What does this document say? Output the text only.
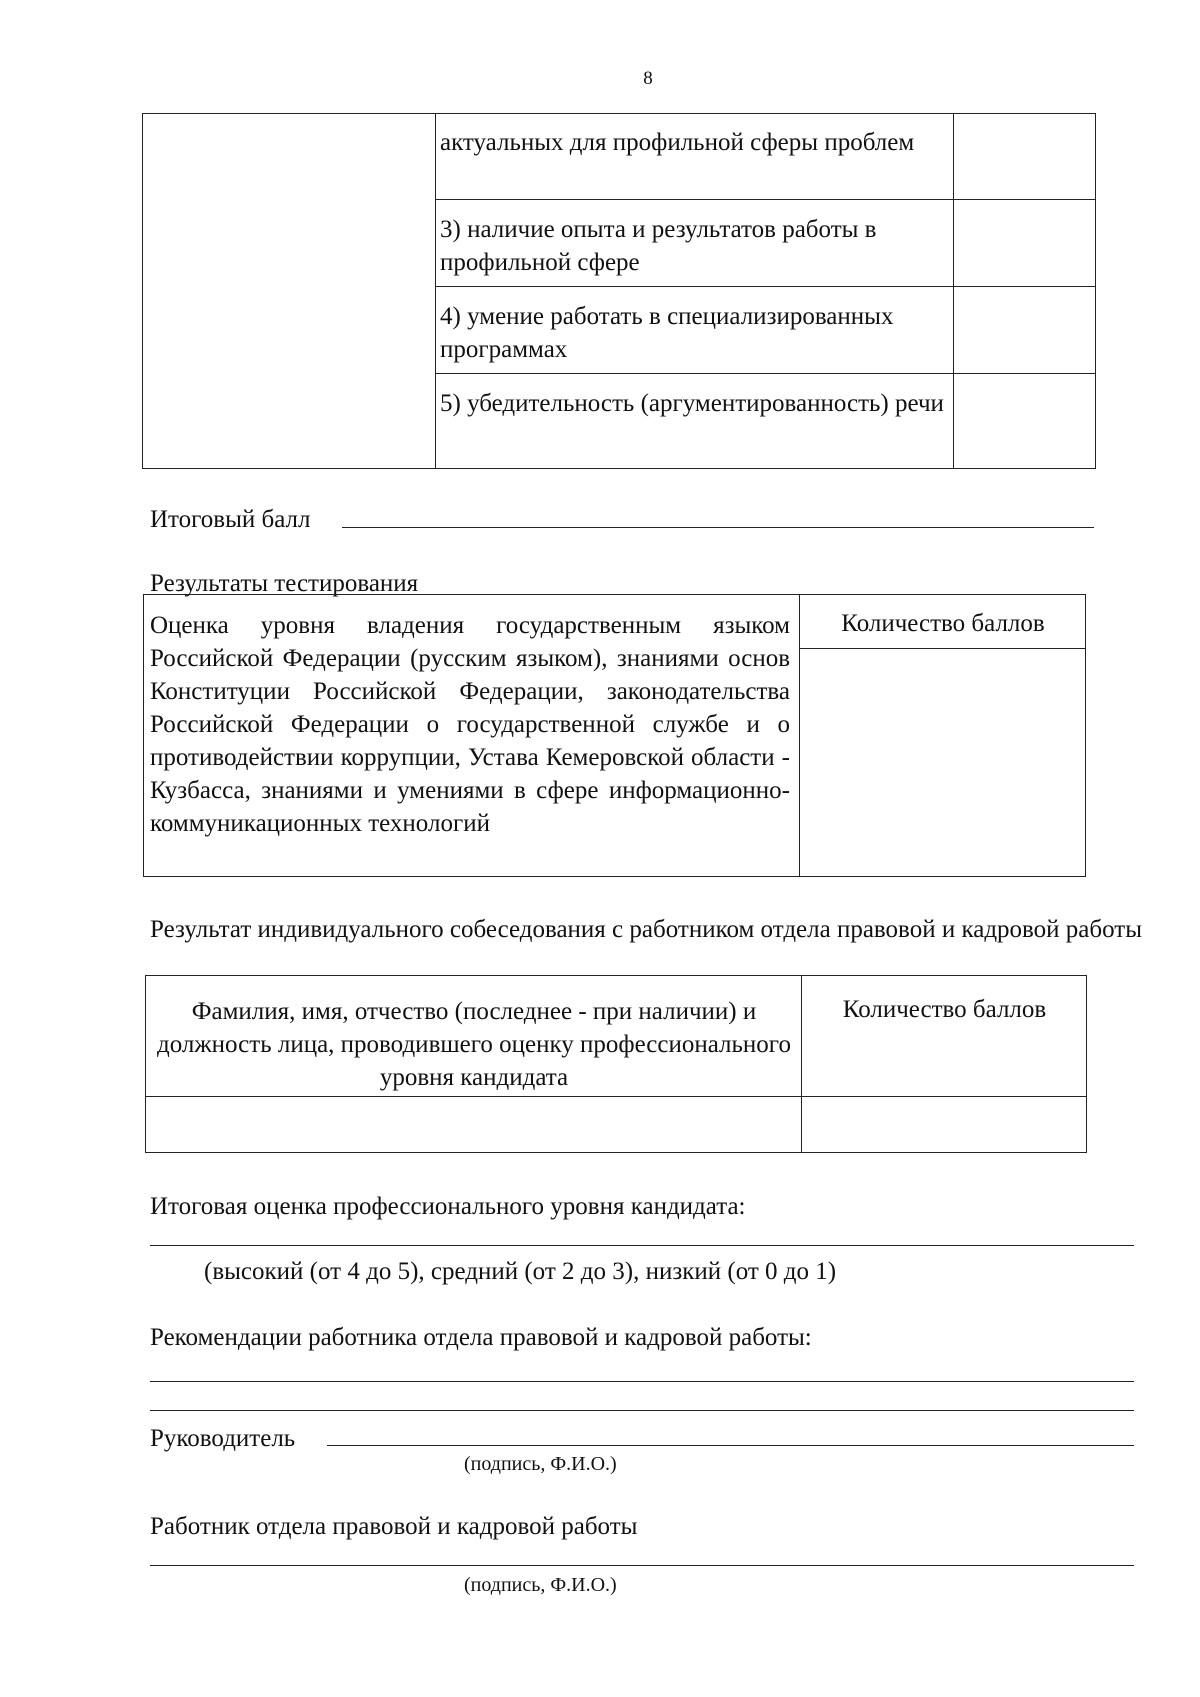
8
актуальных для профильной сферы проблем
3) наличие опыта и результатов работы в профильной сфере
4) умение работать в специализированных программах
5) убедительность (аргументированность) речи
Итоговый балл
Результаты тестирования
Оценка уровня владения государственным языком Российской Федерации (русским языком), знаниями основ Конституции Российской Федерации, законодательства Российской Федерации о государственной службе и о противодействии коррупции, Устава Кемеровской области - Кузбасса, знаниями и умениями в сфере информационно-коммуникационных технологий
Количество баллов
Результат индивидуального собеседования с работником отдела правовой и кадровой работы
Фамилия, имя, отчество (последнее - при наличии) и должность лица, проводившего оценку профессионального уровня кандидата
Количество баллов
Итоговая оценка профессионального уровня кандидата:
(высокий (от 4 до 5), средний (от 2 до 3), низкий (от 0 до 1)
Рекомендации работника отдела правовой и кадровой работы:
Руководитель
(подпись, Ф.И.О.)
Работник отдела правовой и кадровой работы
(подпись, Ф.И.О.)
